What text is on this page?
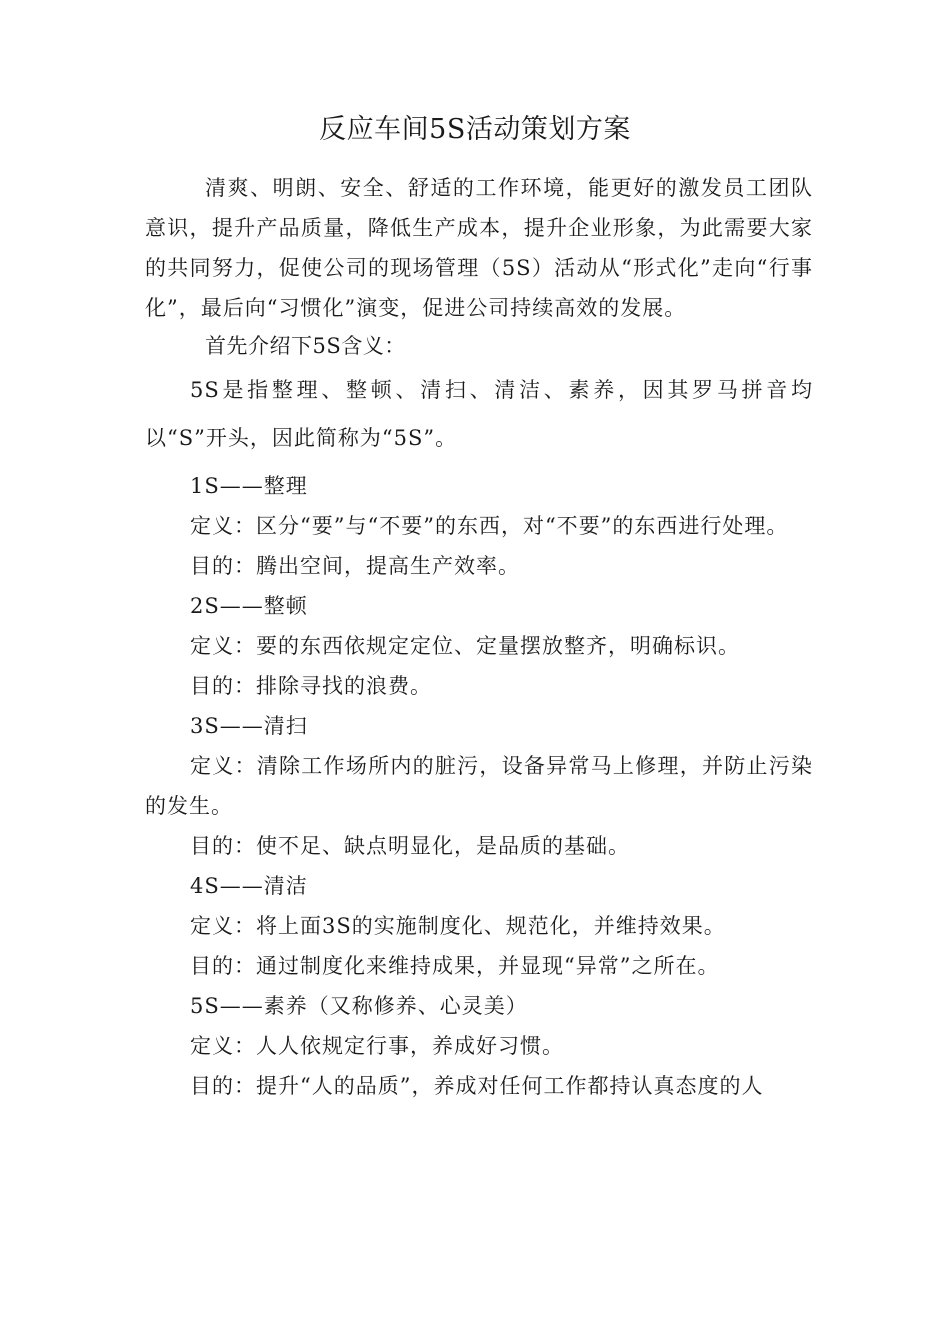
反应车间5S活动策划方案

清爽、明朗、安全、舒适的工作环境，能更好的激发员工团队意识，提升产品质量，降低生产成本，提升企业形象，为此需要大家的共同努力，促使公司的现场管理（5S）活动从“形式化”走向“行事化”，最后向“习惯化”演变，促进公司持续高效的发展。

首先介绍下5S含义：

5S是指整理、整顿、清扫、清洁、素养，因其罗马拼音均以“S”开头，因此简称为“5S”。

1S——整理

定义：区分“要”与“不要”的东西，对“不要”的东西进行处理。

目的：腾出空间，提高生产效率。

2S——整顿

定义：要的东西依规定定位、定量摆放整齐，明确标识。

目的：排除寻找的浪费。

3S——清扫

定义：清除工作场所内的脏污，设备异常马上修理，并防止污染的发生。

目的：使不足、缺点明显化，是品质的基础。

4S——清洁

定义：将上面3S的实施制度化、规范化，并维持效果。

目的：通过制度化来维持成果，并显现“异常”之所在。

5S——素养（又称修养、心灵美）

定义：人人依规定行事，养成好习惯。

目的：提升“人的品质”，养成对任何工作都持认真态度的人
